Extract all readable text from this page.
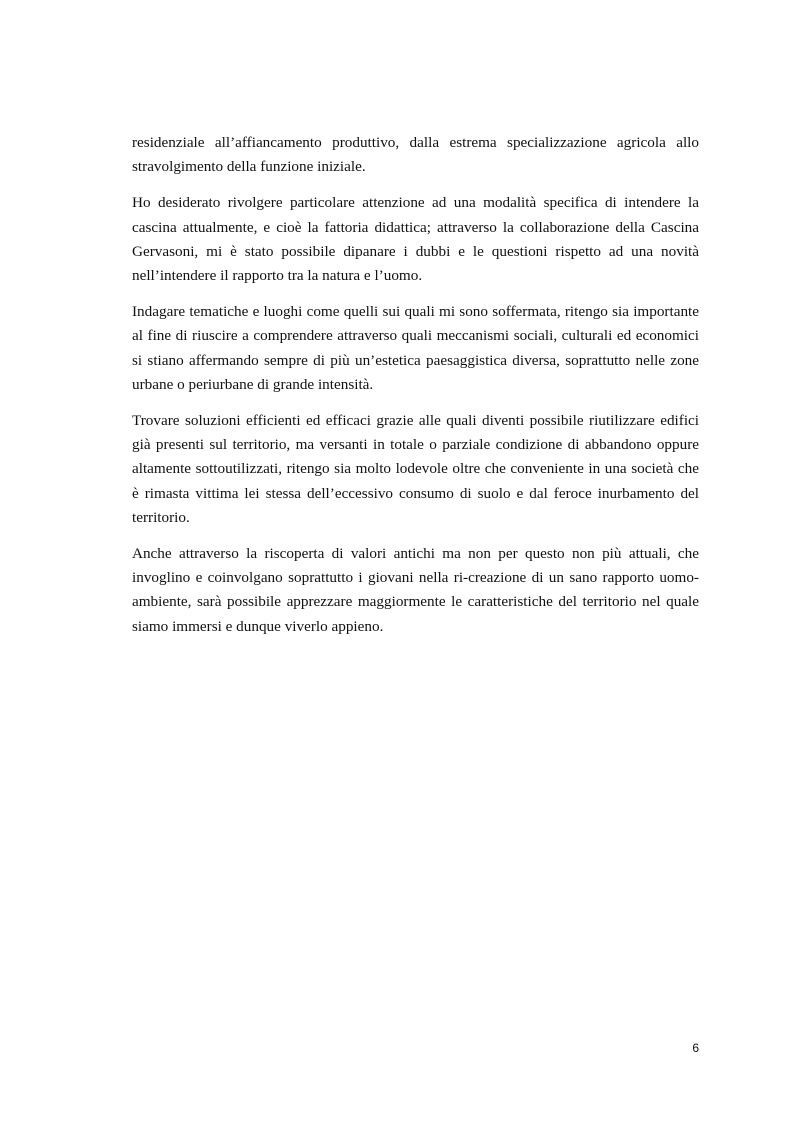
residenziale all’affiancamento produttivo, dalla estrema specializzazione agricola allo stravolgimento della funzione iniziale.

Ho desiderato rivolgere particolare attenzione ad una modalità specifica di intendere la cascina attualmente, e cioè la fattoria didattica; attraverso la collaborazione della Cascina Gervasoni, mi è stato possibile dipanare i dubbi e le questioni rispetto ad una novità nell’intendere il rapporto tra la natura e l’uomo.

Indagare tematiche e luoghi come quelli sui quali mi sono soffermata, ritengo sia importante al fine di riuscire a comprendere attraverso quali meccanismi sociali, culturali ed economici si stiano affermando sempre di più un’estetica paesaggistica diversa, soprattutto nelle zone urbane o periurbane di grande intensità.

Trovare soluzioni efficienti ed efficaci grazie alle quali diventi possibile riutilizzare edifici già presenti sul territorio, ma versanti in totale o parziale condizione di abbandono oppure altamente sottoutilizzati, ritengo sia molto lodevole oltre che conveniente in una società che è rimasta vittima lei stessa dell’eccessivo consumo di suolo e dal feroce inurbamento del territorio.

Anche attraverso la riscoperta di valori antichi ma non per questo non più attuali, che invoglino e coinvolgano soprattutto i giovani nella ri-creazione di un sano rapporto uomo-ambiente, sarà possibile apprezzare maggiormente le caratteristiche del territorio nel quale siamo immersi e dunque viverlo appieno.

6
